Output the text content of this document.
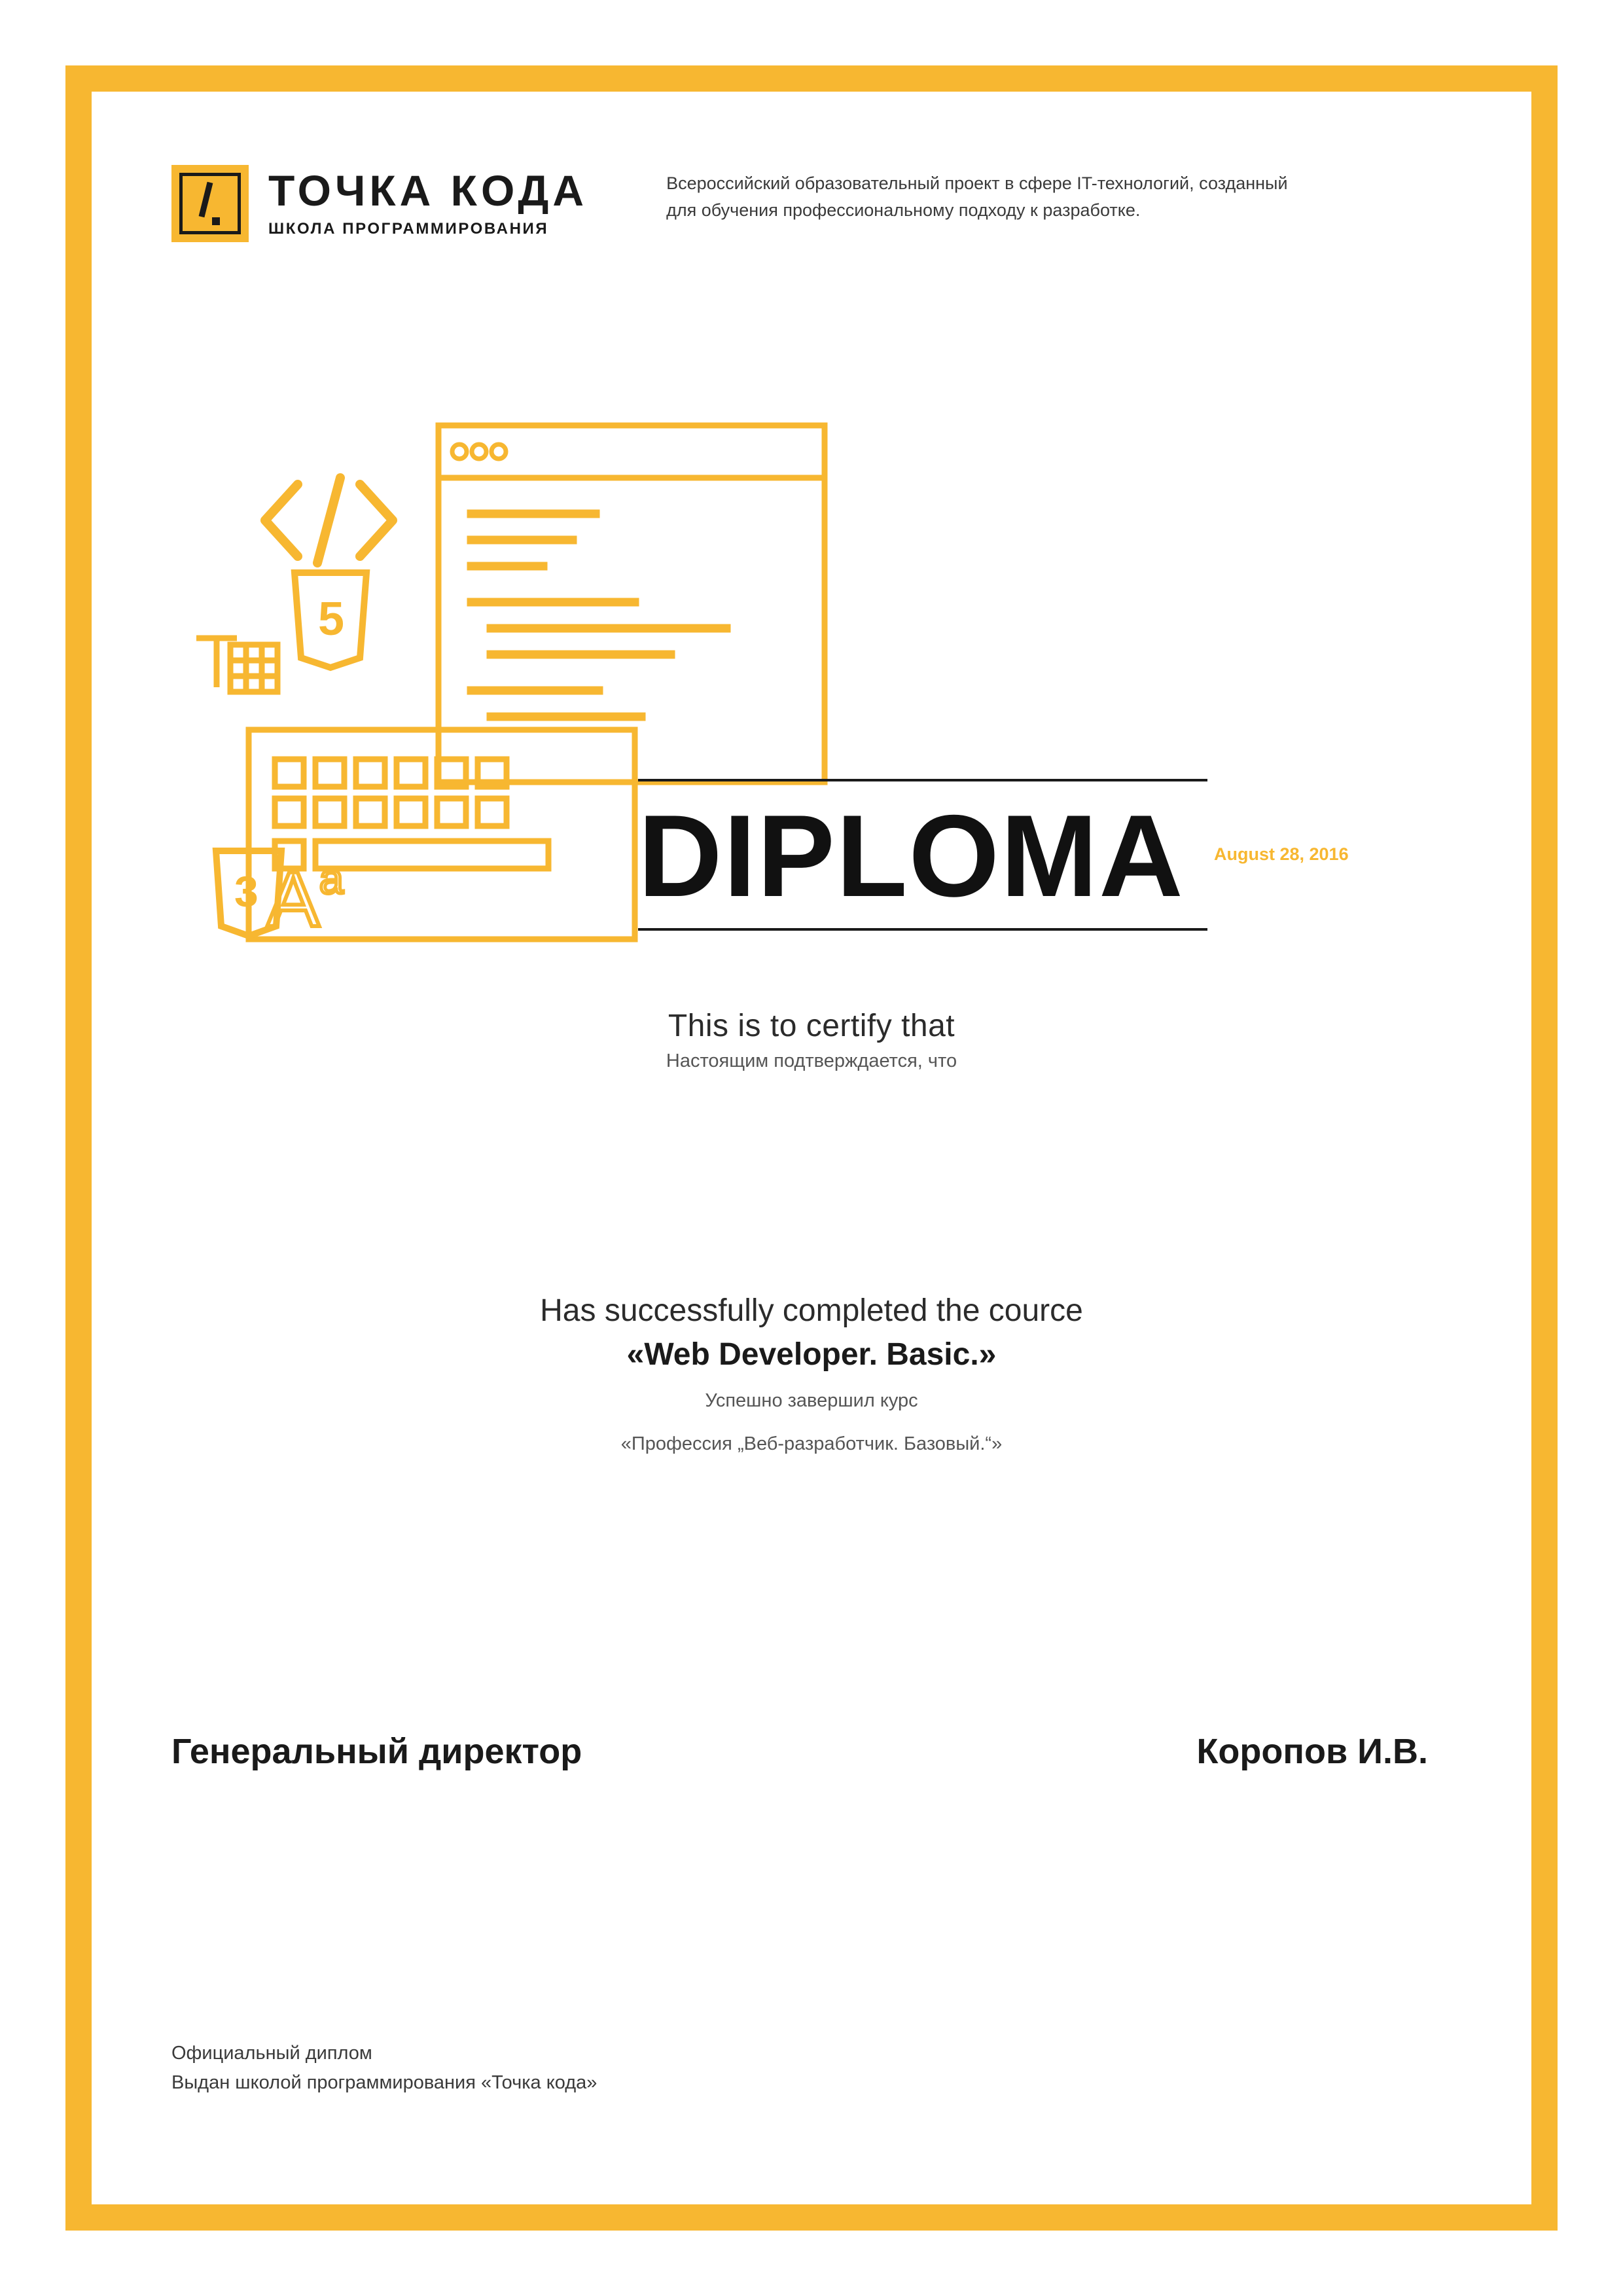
ТОЧКА КОДА
ШКОЛА ПРОГРАММИРОВАНИЯ
Всероссийский образовательный проект в сфере IT-технологий, созданный для обучения профессиональному подходу к разработке.
5
3 A a	DIPLOMA	August 28, 2016
This is to certify that
Настоящим подтверждается, что
Has successfully completed the cource
«Web Developer. Basic.»
Успешно завершил курс
«Профессия „Веб-разработчик. Базовый.“»
Генеральный директор	Коропов И.В.
Официальный диплом
Выдан школой программирования «Точка кода»
